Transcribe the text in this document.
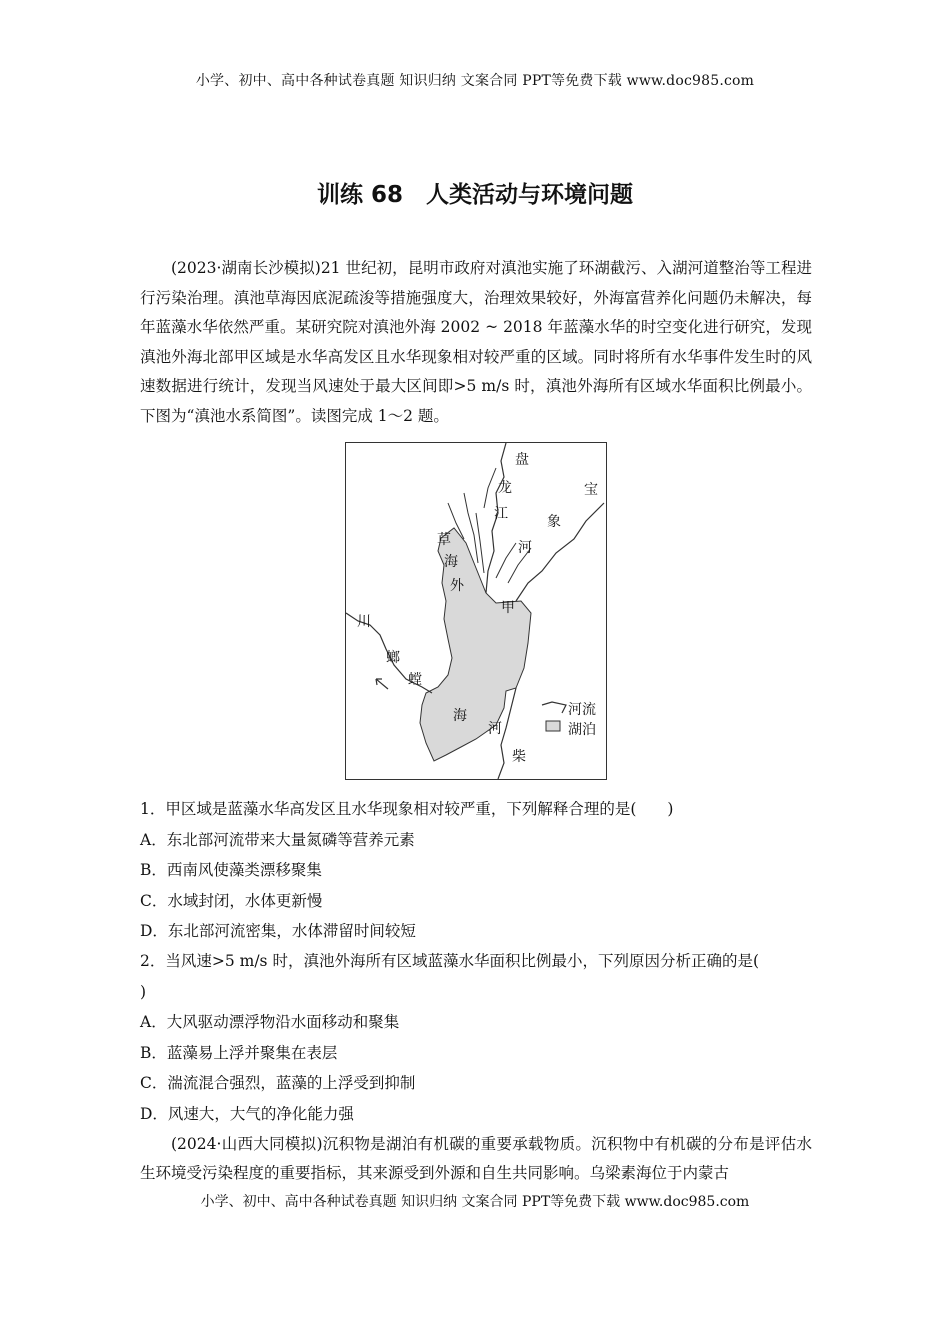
小学、初中、高中各种试卷真题 知识归纳 文案合同 PPT等免费下载 www.doc985.com
训练 68　人类活动与环境问题
(2023·湖南长沙模拟)21 世纪初，昆明市政府对滇池实施了环湖截污、入湖河道整治等工程进行污染治理。滇池草海因底泥疏浚等措施强度大，治理效果较好，外海富营养化问题仍未解决，每年蓝藻水华依然严重。某研究院对滇池外海 2002 ~ 2018 年蓝藻水华的时空变化进行研究，发现滇池外海北部甲区域是水华高发区且水华现象相对较严重的区域。同时将所有水华事件发生时的风速数据进行统计，发现当风速处于最大区间即>5 m/s 时，滇池外海所有区域水华面积比例最小。下图为“滇池水系简图”。读图完成 1～2 题。
盘
龙
江
宝
象
河
草
海
外
甲
川
螂
螳
海
河
柴
河流
湖泊
1．甲区域是蓝藻水华高发区且水华现象相对较严重，下列解释合理的是(　　)
A．东北部河流带来大量氮磷等营养元素
B．西南风使藻类漂移聚集
C．水域封闭，水体更新慢
D．东北部河流密集，水体滞留时间较短
2．当风速>5 m/s 时，滇池外海所有区域蓝藻水华面积比例最小，下列原因分析正确的是(
)
A．大风驱动漂浮物沿水面移动和聚集
B．蓝藻易上浮并聚集在表层
C．湍流混合强烈，蓝藻的上浮受到抑制
D．风速大，大气的净化能力强
(2024·山西大同模拟)沉积物是湖泊有机碳的重要承载物质。沉积物中有机碳的分布是评估水生环境受污染程度的重要指标，其来源受到外源和自生共同影响。乌梁素海位于内蒙古
小学、初中、高中各种试卷真题 知识归纳 文案合同 PPT等免费下载 www.doc985.com
